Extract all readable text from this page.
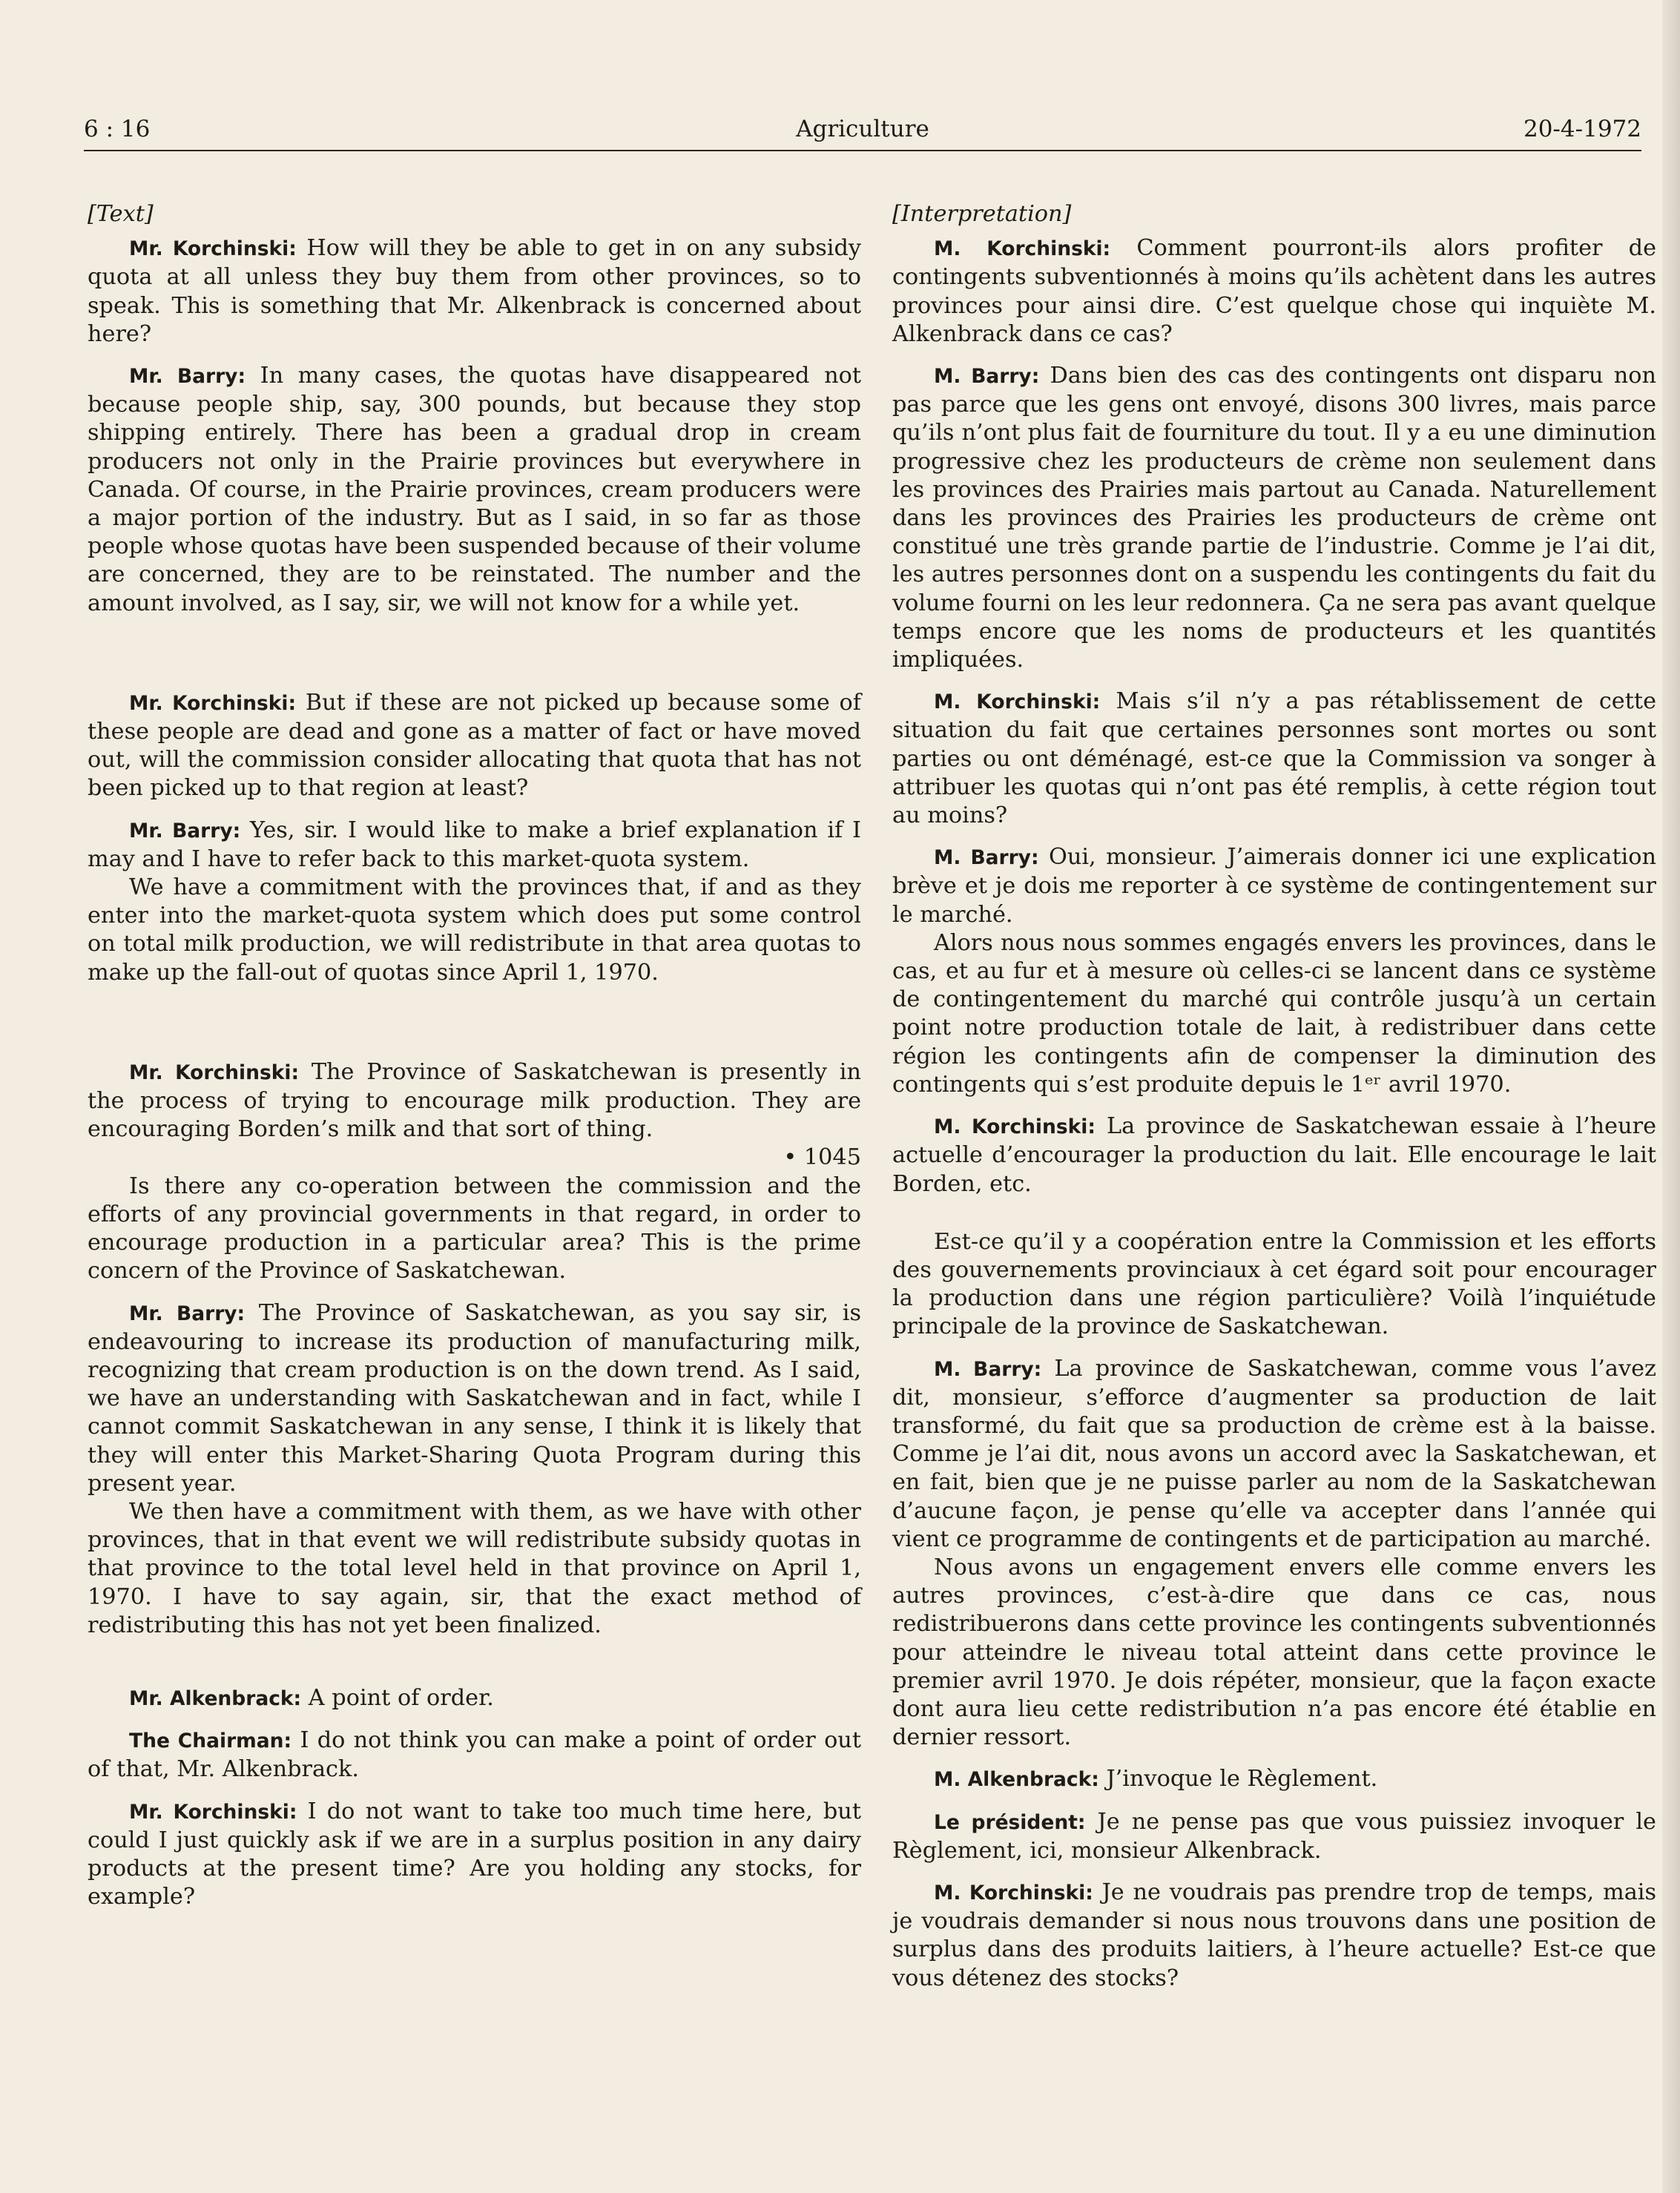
6 : 16	Agriculture	20-4-1972
[Text]

Mr. Korchinski: How will they be able to get in on any subsidy quota at all unless they buy them from other provinces, so to speak. This is something that Mr. Alkenbrack is concerned about here?

Mr. Barry: In many cases, the quotas have disappeared not because people ship, say, 300 pounds, but because they stop shipping entirely. There has been a gradual drop in cream producers not only in the Prairie provinces but everywhere in Canada. Of course, in the Prairie provinces, cream producers were a major portion of the industry. But as I said, in so far as those people whose quotas have been suspended because of their volume are concerned, they are to be reinstated. The number and the amount involved, as I say, sir, we will not know for a while yet.

Mr. Korchinski: But if these are not picked up because some of these people are dead and gone as a matter of fact or have moved out, will the commission consider allocating that quota that has not been picked up to that region at least?

Mr. Barry: Yes, sir. I would like to make a brief explanation if I may and I have to refer back to this market-quota system.

We have a commitment with the provinces that, if and as they enter into the market-quota system which does put some control on total milk production, we will redistribute in that area quotas to make up the fall-out of quotas since April 1, 1970.

Mr. Korchinski: The Province of Saskatchewan is presently in the process of trying to encourage milk production. They are encouraging Borden’s milk and that sort of thing.

• 1045

Is there any co-operation between the commission and the efforts of any provincial governments in that regard, in order to encourage production in a particular area? This is the prime concern of the Province of Saskatchewan.

Mr. Barry: The Province of Saskatchewan, as you say sir, is endeavouring to increase its production of manufacturing milk, recognizing that cream production is on the down trend. As I said, we have an understanding with Saskatchewan and in fact, while I cannot commit Saskatchewan in any sense, I think it is likely that they will enter this Market-Sharing Quota Program during this present year.

We then have a commitment with them, as we have with other provinces, that in that event we will redistribute subsidy quotas in that province to the total level held in that province on April 1, 1970. I have to say again, sir, that the exact method of redistributing this has not yet been finalized.

Mr. Alkenbrack: A point of order.

The Chairman: I do not think you can make a point of order out of that, Mr. Alkenbrack.

Mr. Korchinski: I do not want to take too much time here, but could I just quickly ask if we are in a surplus position in any dairy products at the present time? Are you holding any stocks, for example?

[Interpretation]

M. Korchinski: Comment pourront-ils alors profiter de contingents subventionnés à moins qu’ils achètent dans les autres provinces pour ainsi dire. C’est quelque chose qui inquiète M. Alkenbrack dans ce cas?

M. Barry: Dans bien des cas des contingents ont disparu non pas parce que les gens ont envoyé, disons 300 livres, mais parce qu’ils n’ont plus fait de fourniture du tout. Il y a eu une diminution progressive chez les producteurs de crème non seulement dans les provinces des Prairies mais partout au Canada. Naturellement dans les provinces des Prairies les producteurs de crème ont constitué une très grande partie de l’industrie. Comme je l’ai dit, les autres personnes dont on a suspendu les contingents du fait du volume fourni on les leur redonnera. Ça ne sera pas avant quelque temps encore que les noms de producteurs et les quantités impliquées.

M. Korchinski: Mais s’il n’y a pas rétablissement de cette situation du fait que certaines personnes sont mortes ou sont parties ou ont déménagé, est-ce que la Commission va songer à attribuer les quotas qui n’ont pas été remplis, à cette région tout au moins?

M. Barry: Oui, monsieur. J’aimerais donner ici une explication brève et je dois me reporter à ce système de contingentement sur le marché.

Alors nous nous sommes engagés envers les provinces, dans le cas, et au fur et à mesure où celles-ci se lancent dans ce système de contingentement du marché qui contrôle jusqu’à un certain point notre production totale de lait, à redistribuer dans cette région les contingents afin de compenser la diminution des contingents qui s’est produite depuis le 1ᵉʳ avril 1970.

M. Korchinski: La province de Saskatchewan essaie à l’heure actuelle d’encourager la production du lait. Elle encourage le lait Borden, etc.

Est-ce qu’il y a coopération entre la Commission et les efforts des gouvernements provinciaux à cet égard soit pour encourager la production dans une région particulière? Voilà l’inquiétude principale de la province de Saskatchewan.

M. Barry: La province de Saskatchewan, comme vous l’avez dit, monsieur, s’efforce d’augmenter sa production de lait transformé, du fait que sa production de crème est à la baisse. Comme je l’ai dit, nous avons un accord avec la Saskatchewan, et en fait, bien que je ne puisse parler au nom de la Saskatchewan d’aucune façon, je pense qu’elle va accepter dans l’année qui vient ce programme de contingents et de participation au marché.

Nous avons un engagement envers elle comme envers les autres provinces, c’est-à-dire que dans ce cas, nous redistribuerons dans cette province les contingents subventionnés pour atteindre le niveau total atteint dans cette province le premier avril 1970. Je dois répéter, monsieur, que la façon exacte dont aura lieu cette redistribution n’a pas encore été établie en dernier ressort.

M. Alkenbrack: J’invoque le Règlement.

Le président: Je ne pense pas que vous puissiez invoquer le Règlement, ici, monsieur Alkenbrack.

M. Korchinski: Je ne voudrais pas prendre trop de temps, mais je voudrais demander si nous nous trouvons dans une position de surplus dans des produits laitiers, à l’heure actuelle? Est-ce que vous détenez des stocks?
